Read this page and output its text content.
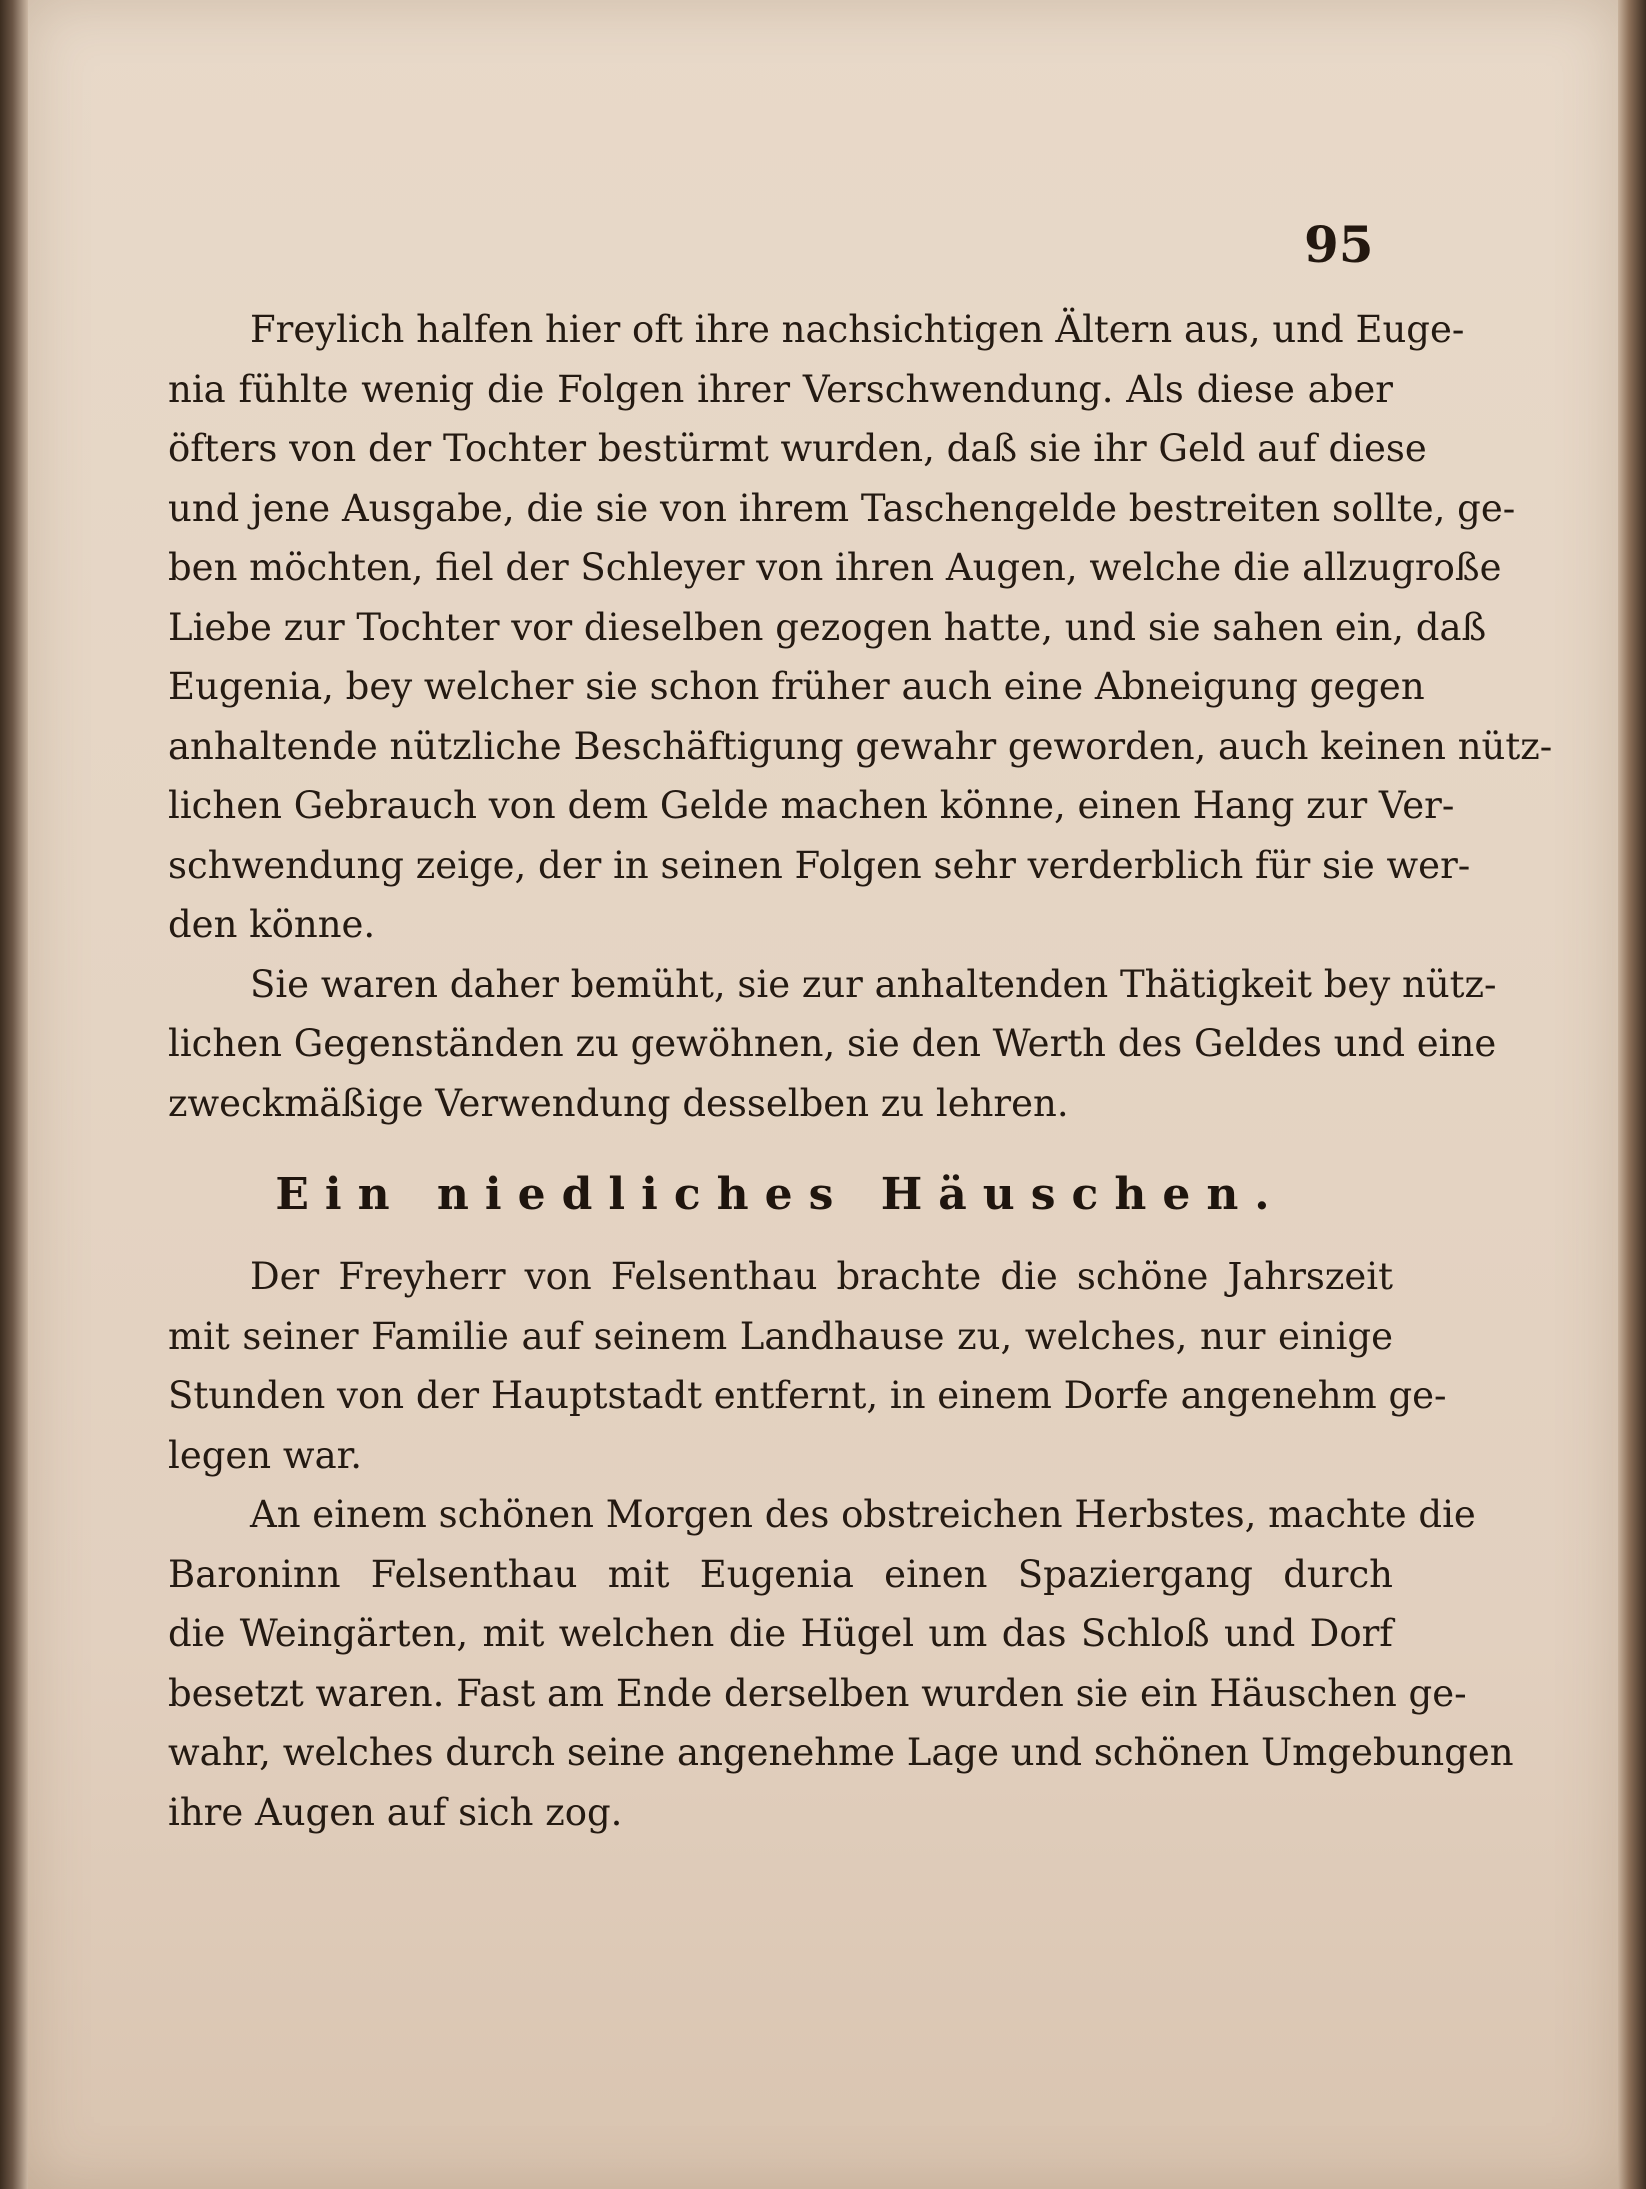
95
Freylich halfen hier oft ihre nachsichtigen Ältern aus, und Euge-
nia fühlte wenig die Folgen ihrer Verschwendung. Als diese aber
öfters von der Tochter bestürmt wurden, daß sie ihr Geld auf diese
und jene Ausgabe, die sie von ihrem Taschengelde bestreiten sollte, ge-
ben möchten, fiel der Schleyer von ihren Augen, welche die allzugroße
Liebe zur Tochter vor dieselben gezogen hatte, und sie sahen ein, daß
Eugenia, bey welcher sie schon früher auch eine Abneigung gegen
anhaltende nützliche Beschäftigung gewahr geworden, auch keinen nütz-
lichen Gebrauch von dem Gelde machen könne, einen Hang zur Ver-
schwendung zeige, der in seinen Folgen sehr verderblich für sie wer-
den könne.
Sie waren daher bemüht, sie zur anhaltenden Thätigkeit bey nütz-
lichen Gegenständen zu gewöhnen, sie den Werth des Geldes und eine
zweckmäßige Verwendung desselben zu lehren.
Ein niedliches Häuschen.
Der Freyherr von Felsenthau brachte die schöne Jahrszeit
mit seiner Familie auf seinem Landhause zu, welches, nur einige
Stunden von der Hauptstadt entfernt, in einem Dorfe angenehm ge-
legen war.
An einem schönen Morgen des obstreichen Herbstes, machte die
Baroninn Felsenthau mit Eugenia einen Spaziergang durch
die Weingärten, mit welchen die Hügel um das Schloß und Dorf
besetzt waren. Fast am Ende derselben wurden sie ein Häuschen ge-
wahr, welches durch seine angenehme Lage und schönen Umgebungen
ihre Augen auf sich zog.
